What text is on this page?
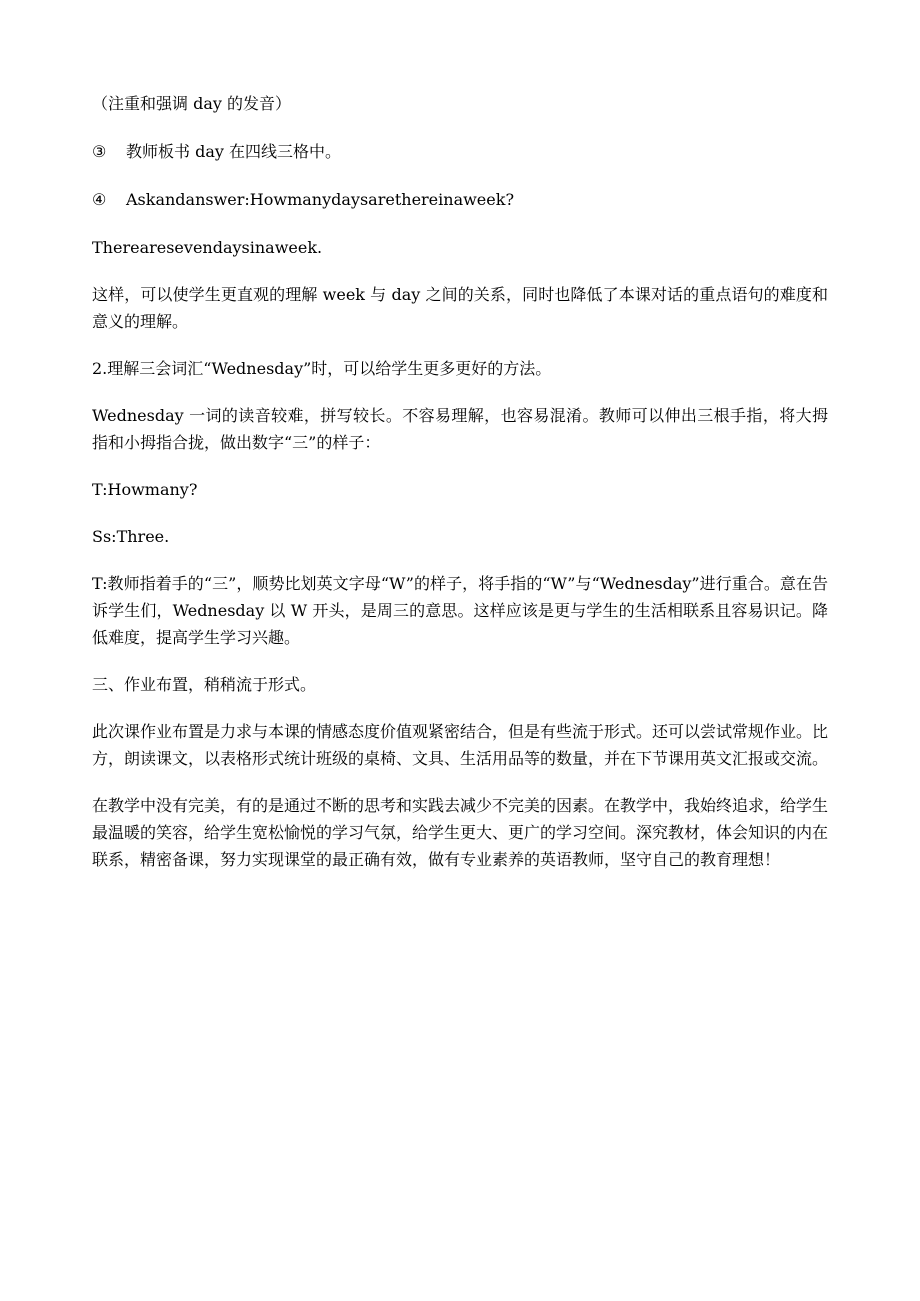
（注重和强调 day 的发音）

③ 教师板书 day 在四线三格中。

④ Askandanswer:Howmanydaysarethereinaweek?

Therearesevendaysinaweek.

这样，可以使学生更直观的理解 week 与 day 之间的关系，同时也降低了本课对话的重点语句的难度和意义的理解。

2.理解三会词汇“Wednesday”时，可以给学生更多更好的方法。

Wednesday 一词的读音较难，拼写较长。不容易理解，也容易混淆。教师可以伸出三根手指，将大拇指和小拇指合拢，做出数字“三”的样子：

T:Howmany?

Ss:Three.

T:教师指着手的“三”，顺势比划英文字母“W”的样子，将手指的“W”与“Wednesday”进行重合。意在告诉学生们，Wednesday 以 W 开头，是周三的意思。这样应该是更与学生的生活相联系且容易识记。降低难度，提高学生学习兴趣。

三、作业布置，稍稍流于形式。

此次课作业布置是力求与本课的情感态度价值观紧密结合，但是有些流于形式。还可以尝试常规作业。比方，朗读课文，以表格形式统计班级的桌椅、文具、生活用品等的数量，并在下节课用英文汇报或交流。

在教学中没有完美，有的是通过不断的思考和实践去减少不完美的因素。在教学中，我始终追求，给学生最温暖的笑容，给学生宽松愉悦的学习气氛，给学生更大、更广的学习空间。深究教材，体会知识的内在联系，精密备课，努力实现课堂的最正确有效，做有专业素养的英语教师，坚守自己的教育理想！
